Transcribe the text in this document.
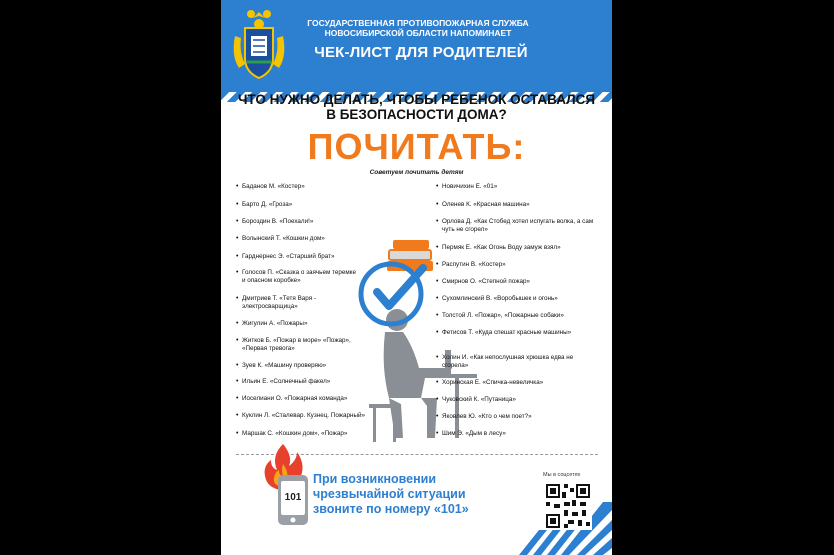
ГОСУДАРСТВЕННАЯ ПРОТИВОПОЖАРНАЯ СЛУЖБА
НОВОСИБИРСКОЙ ОБЛАСТИ НАПОМИНАЕТ
ЧЕК-ЛИСТ ДЛЯ РОДИТЕЛЕЙ
ЧТО НУЖНО ДЕЛАТЬ, ЧТОБЫ РЕБЕНОК ОСТАВАЛСЯ
В БЕЗОПАСНОСТИ ДОМА?
ПОЧИТАТЬ:
Советуем почитать детям
• Баданов М. «Костер»
• Барто Д. «Гроза»
• Бороздин В. «Поехали!»
• Волынский Т. «Кошкин дом»
• Гарднернес Э. «Старший брат»
• Голосов П. «Сказка о заячьем теремке и опасном коробке»
• Дмитриев Т. «Тетя Варя - электросварщица»
• Жигулин А. «Пожары»
• Житков Б. «Пожар в море» «Пожар», «Первая тревога»
• Зуев К. «Машину проверяю»
• Ильин Е. «Солнечный факел»
• Иоселиани О. «Пожарная команда»
• Куклин Л. «Сталевар. Кузнец. Пожарный»
• Маршак С. «Кошкин дом», «Пожар»
• Новичихин Е. «01»
• Оленев К. «Красная машина»
• Орлова Д. «Как Стобед хотел испугать волка, а сам чуть не сгорел»
• Пермяк Е. «Как Огонь Воду замуж взял»
• Распутин В. «Костер»
• Смирнов О. «Степной пожар»
• Сухомлинский В. «Воробышек и огонь»
• Толстой Л. «Пожар», «Пожарные собаки»
• Фетисов Т. «Куда спешат красные машины»
• Холин И. «Как непослушная хрюшка едва не сгорела»
• Хоринская Е. «Спичка-невеличка»
• Чуковский К. «Путаница»
• Яковлев Ю. «Кто о чем поет?»
• Шим Э. «Дым в лесу»
101
При возникновении
чрезвычайной ситуации
звоните по номеру «101»
Мы в соцсетях
